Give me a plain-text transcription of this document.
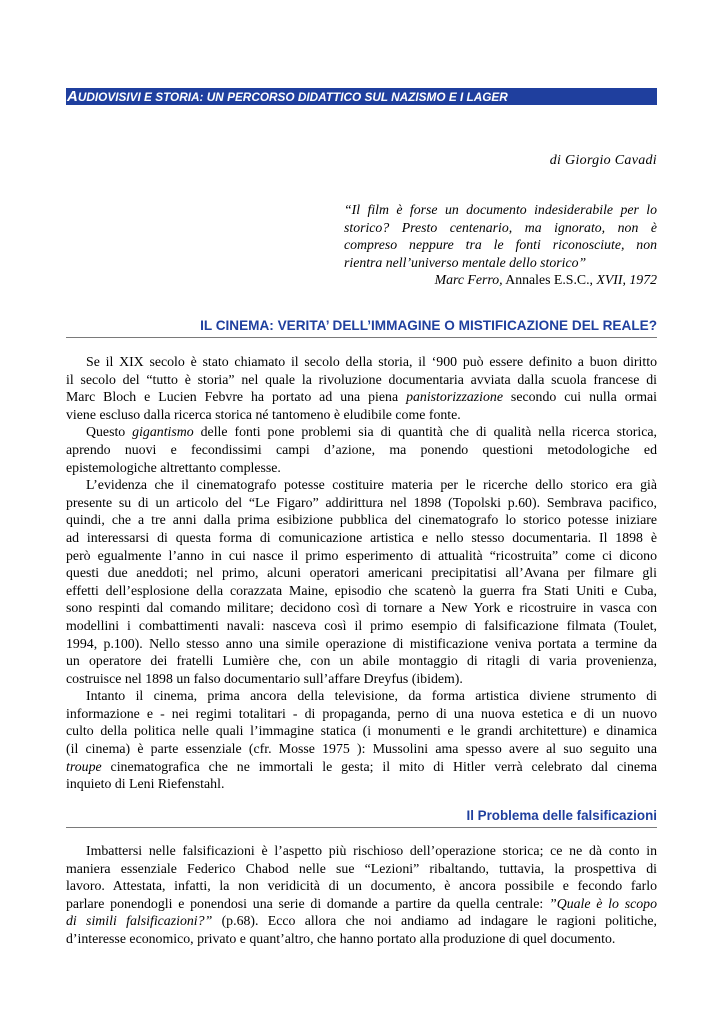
AUDIOVISIVI E STORIA: UN PERCORSO DIDATTICO SUL NAZISMO E I LAGER
di Giorgio Cavadi
“Il film è forse un documento indesiderabile per lo
storico? Presto centenario, ma ignorato, non è
compreso neppure tra le fonti riconosciute, non
rientra nell’universo mentale dello storico”
Marc Ferro, Annales E.S.C., XVII, 1972
IL CINEMA: VERITA’ DELL’IMMAGINE O MISTIFICAZIONE DEL REALE?
Se il XIX secolo è stato chiamato il secolo della storia, il ‘900 può essere definito a buon diritto
il secolo del “tutto è storia” nel quale la rivoluzione documentaria avviata dalla scuola francese di
Marc Bloch e Lucien Febvre ha portato ad una piena panistorizzazione secondo cui nulla ormai
viene escluso dalla ricerca storica né tantomeno è eludibile come fonte.
Questo gigantismo delle fonti pone problemi sia di quantità che di qualità nella ricerca storica,
aprendo nuovi e fecondissimi campi d’azione, ma ponendo questioni metodologiche ed
epistemologiche altrettanto complesse.
L’evidenza che il cinematografo potesse costituire materia per le ricerche dello storico era già
presente su di un articolo del “Le Figaro” addirittura nel 1898 (Topolski p.60). Sembrava pacifico,
quindi, che a tre anni dalla prima esibizione pubblica del cinematografo lo storico potesse iniziare
ad interessarsi di questa forma di comunicazione artistica e nello stesso documentaria. Il 1898 è
però egualmente l’anno in cui nasce il primo esperimento di attualità “ricostruita” come ci dicono
questi due aneddoti; nel primo, alcuni operatori americani precipitatisi all’Avana per filmare gli
effetti dell’esplosione della corazzata Maine, episodio che scatenò la guerra fra Stati Uniti e Cuba,
sono respinti dal comando militare; decidono così di tornare a New York e ricostruire in vasca con
modellini i combattimenti navali: nasceva così il primo esempio di falsificazione filmata (Toulet,
1994, p.100). Nello stesso anno una simile operazione di mistificazione veniva portata a termine da
un operatore dei fratelli Lumière che, con un abile montaggio di ritagli di varia provenienza,
costruisce nel 1898 un falso documentario sull’affare Dreyfus (ibidem).
Intanto il cinema, prima ancora della televisione, da forma artistica diviene strumento di
informazione e - nei regimi totalitari - di propaganda, perno di una nuova estetica e di un nuovo
culto della politica nelle quali l’immagine statica (i monumenti e le grandi architetture) e dinamica
(il cinema) è parte essenziale (cfr. Mosse 1975 ): Mussolini ama spesso avere al suo seguito una
troupe cinematografica che ne immortali le gesta; il mito di Hitler verrà celebrato dal cinema
inquieto di Leni Riefenstahl.
Il Problema delle falsificazioni
Imbattersi nelle falsificazioni è l’aspetto più rischioso dell’operazione storica; ce ne dà conto in
maniera essenziale Federico Chabod nelle sue “Lezioni” ribaltando, tuttavia, la prospettiva di
lavoro. Attestata, infatti, la non veridicità di un documento, è ancora possibile e fecondo farlo
parlare ponendogli e ponendosi una serie di domande a partire da quella centrale: ”Quale è lo scopo
di simili falsificazioni?” (p.68). Ecco allora che noi andiamo ad indagare le ragioni politiche,
d’interesse economico, privato e quant’altro, che hanno portato alla produzione di quel documento.
